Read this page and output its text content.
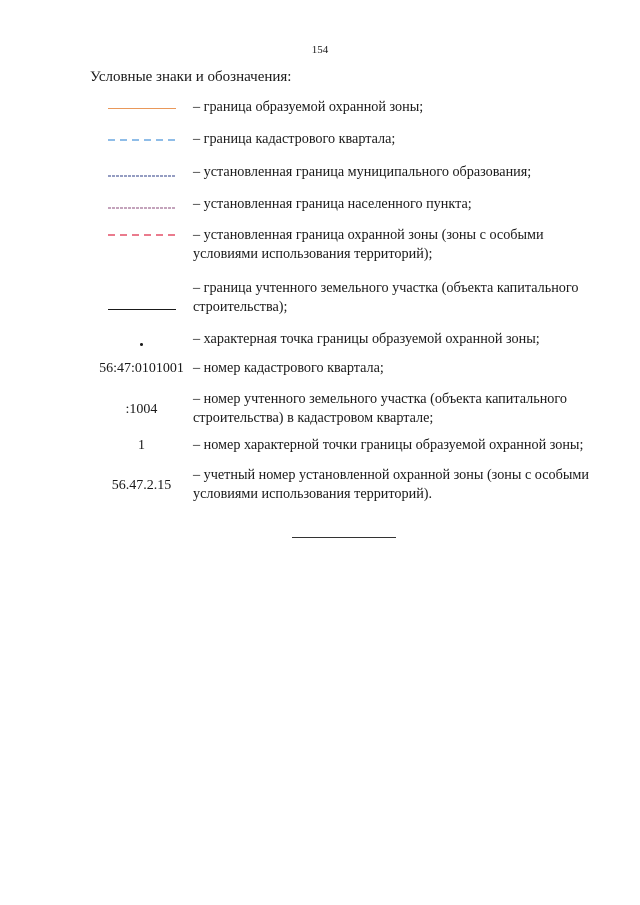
154
Условные знаки и обозначения:
– граница образуемой охранной зоны;
– граница кадастрового квартала;
– установленная граница муниципального образования;
– установленная граница населенного пункта;
– установленная граница охранной зоны (зоны с особыми условиями использования территорий);
– граница учтенного земельного участка (объекта капитального строительства);
– характерная точка границы образуемой охранной зоны;
56:47:0101001 – номер кадастрового квартала;
:1004
– номер учтенного земельного участка (объекта капитального строительства) в кадастровом квартале;
1	– номер характерной точки границы образуемой охранной зоны;
56.47.2.15
– учетный номер установленной охранной зоны (зоны с особыми условиями использования территорий).
